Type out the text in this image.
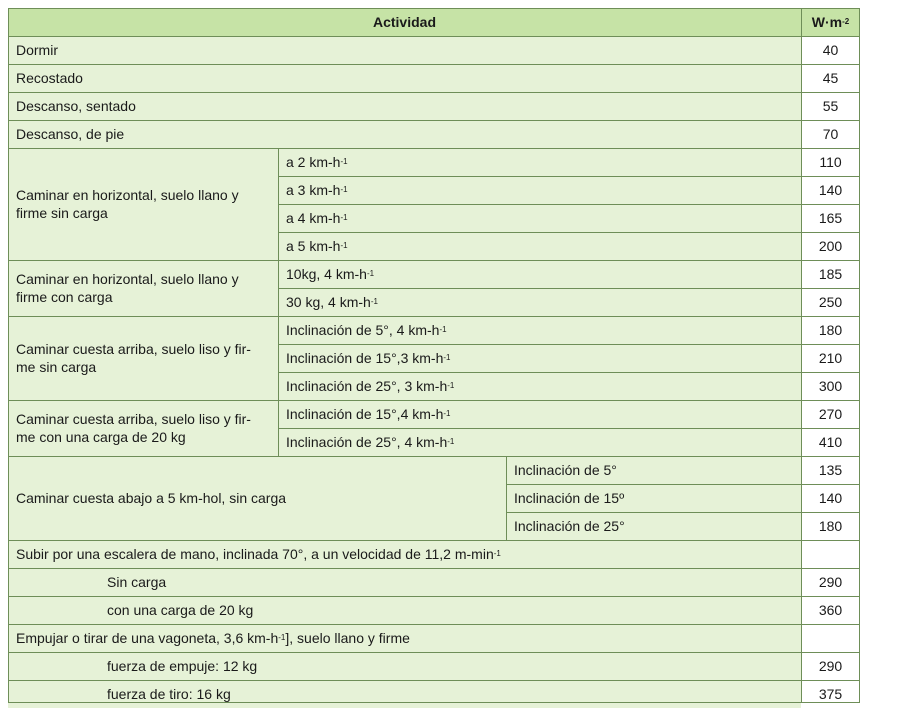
Actividad	W·m -2
Dormir	40
Recostado	45
Descanso, sentado	55
Descanso, de pie	70
Caminar en horizontal, suelo llano y firme sin carga
a 2 km-h -1	110
a 3 km-h -1	140
a 4 km-h -1	165
a 5 km-h -1	200
Caminar en horizontal, suelo llano y firme con carga
10kg, 4 km-h -1	185
30 kg, 4 km-h -1	250
Caminar cuesta arriba, suelo liso y fir-me sin carga
Inclinación de 5°, 4 km-h -1	180
Inclinación de 15°,3 km-h -1	210
Inclinación de 25°, 3 km-h -1	300
Caminar cuesta arriba, suelo liso y fir-me con una carga de 20 kg
Inclinación de 15°,4 km-h -1	270
Inclinación de 25°, 4 km-h -1	410
Caminar cuesta abajo a 5 km-hol, sin carga
Inclinación de 5°	135
Inclinación de 15º	140
Inclinación de 25°	180
Subir por una escalera de mano, inclinada 70°, a un velocidad de 11,2 m-min -1
Sin carga	290
con una carga de 20 kg	360
Empujar o tirar de una vagoneta, 3,6 km-h -1 ], suelo llano y firme
fuerza de empuje: 12 kg	290
fuerza de tiro: 16 kg	375
